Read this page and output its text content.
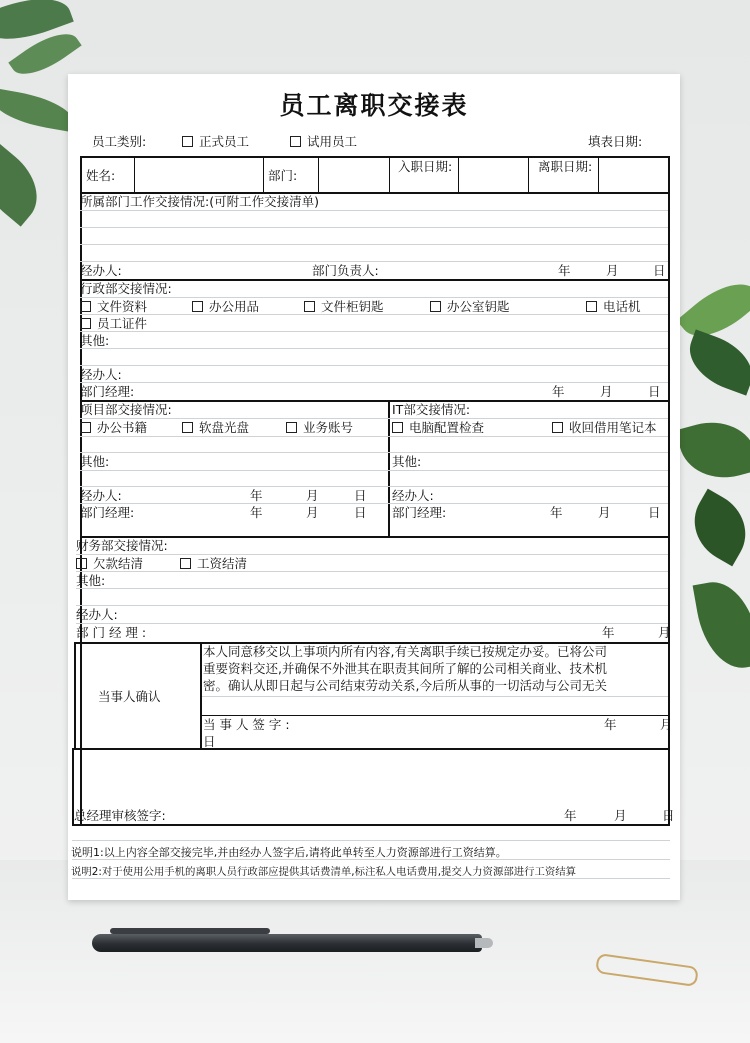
员工离职交接表
员工类别:	正式员工	试用员工	填表日期:
姓名:	部门:
入职日期:	离职日期:
所属部门工作交接情况:(可附工作交接清单)
经办人:	部门负责人:	年	月	日
行政部交接情况:
文件资料	办公用品	文件柜钥匙	办公室钥匙	电话机
员工证件
其他:
经办人:
部门经理:	年	月	日
项目部交接情况:	IT部交接情况:
办公书籍	软盘光盘	业务账号	电脑配置检查	收回借用笔记本
其他:	其他:
经办人:	年	月	日 经办人:
部门经理:	年	月	日 部门经理:	年	月	日
财务部交接情况:
欠款结清	工资结清
其他:
经办人:
部 门 经 理 :	年	月
当事人确认
本人同意移交以上事项内所有内容,有关离职手续已按规定办妥。已将公司
重要资料交还,并确保不外泄其在职责其间所了解的公司相关商业、技术机
密。确认从即日起与公司结束劳动关系,今后所从事的一切活动与公司无关
当 事 人 签 字 :	年	月
日
总经理审核签字:	年	月	日
说明1:以上内容全部交接完毕,并由经办人签字后,请将此单转至人力资源部进行工资结算。
说明2:对于使用公用手机的离职人员行政部应提供其话费清单,标注私人电话费用,提交人力资源部进行工资结算
